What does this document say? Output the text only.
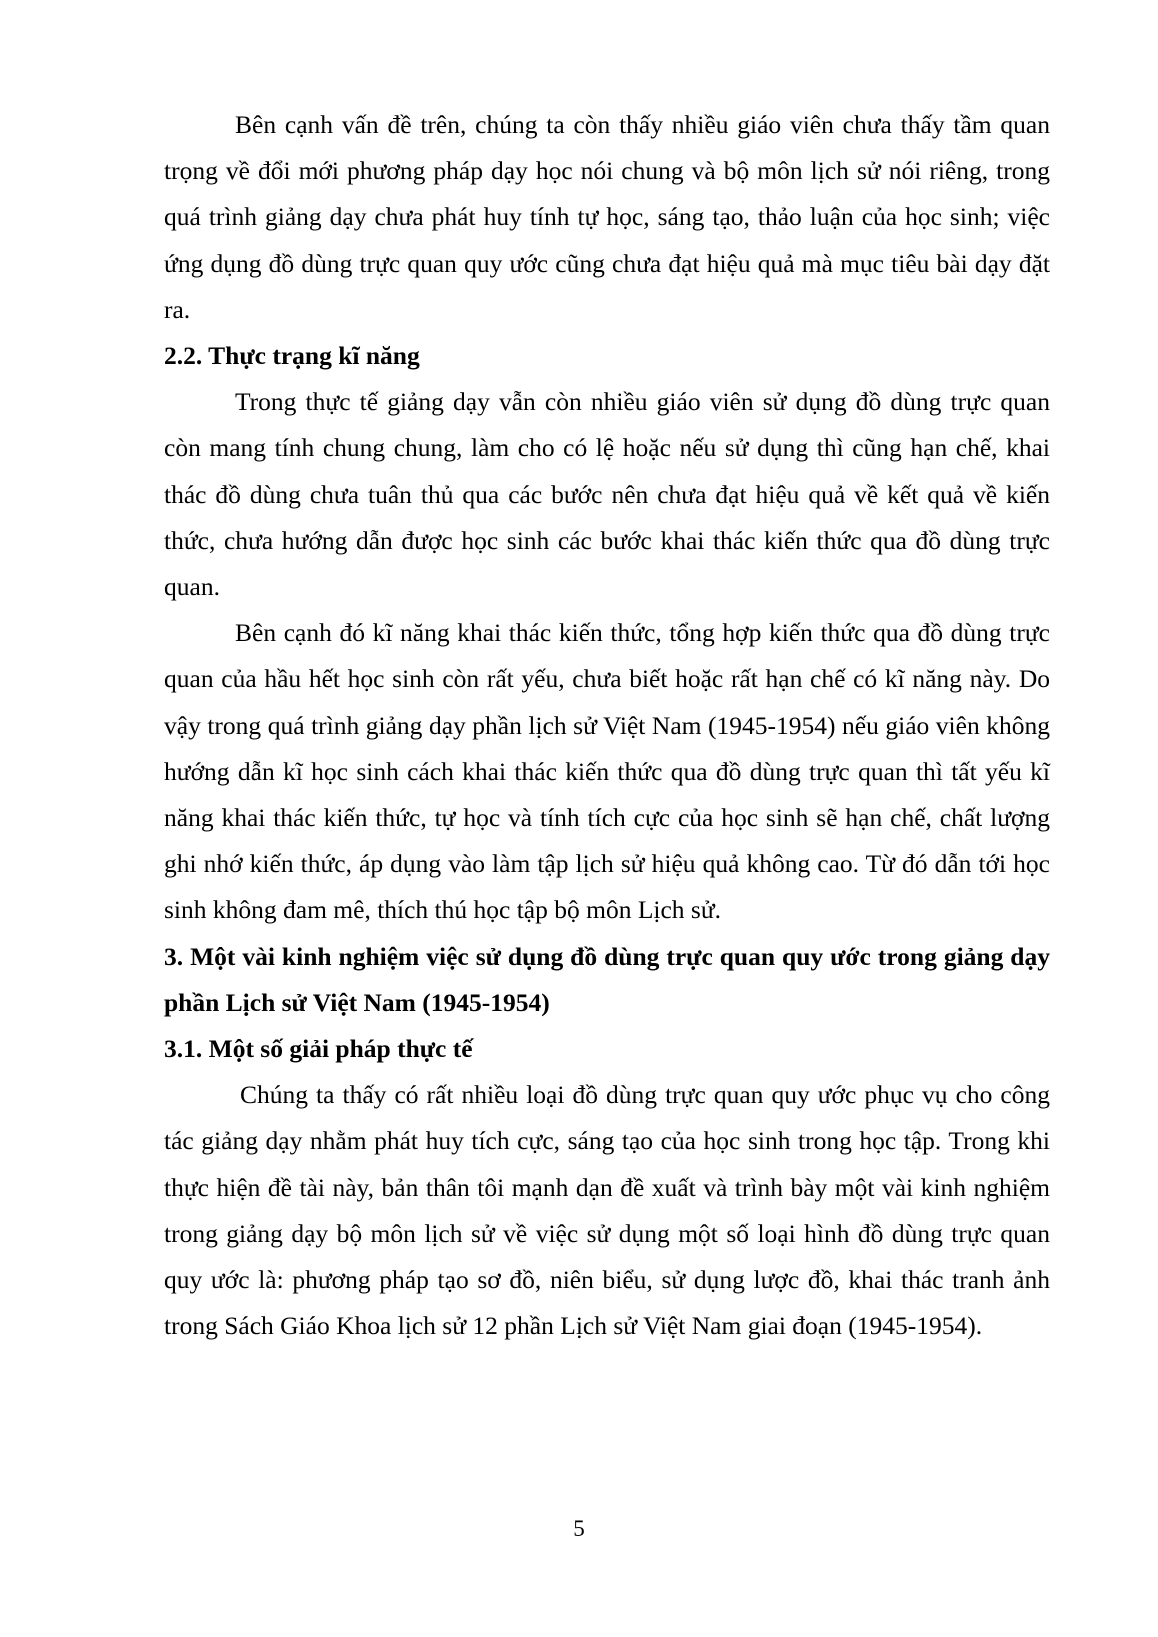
Bên cạnh vấn đề trên, chúng ta còn thấy nhiều giáo viên chưa thấy tầm quan trọng về đổi mới phương pháp dạy học nói chung và bộ môn lịch sử nói riêng, trong quá trình giảng dạy chưa phát huy tính tự học, sáng tạo, thảo luận của học sinh; việc ứng dụng đồ dùng trực quan quy ước cũng chưa đạt hiệu quả mà mục tiêu bài dạy đặt ra.

2.2. Thực trạng kĩ năng

Trong thực tế giảng dạy vẫn còn nhiều giáo viên sử dụng đồ dùng trực quan còn mang tính chung chung, làm cho có lệ hoặc nếu sử dụng thì cũng hạn chế, khai thác đồ dùng chưa tuân thủ qua các bước nên chưa đạt hiệu quả về kết quả về kiến thức, chưa hướng dẫn được học sinh các bước khai thác kiến thức qua đồ dùng trực quan.

Bên cạnh đó kĩ năng khai thác kiến thức, tổng hợp kiến thức qua đồ dùng trực quan của hầu hết học sinh còn rất yếu, chưa biết hoặc rất hạn chế có kĩ năng này. Do vậy trong quá trình giảng dạy phần lịch sử Việt Nam (1945-1954) nếu giáo viên không hướng dẫn kĩ học sinh cách khai thác kiến thức qua đồ dùng trực quan thì tất yếu kĩ năng khai thác kiến thức, tự học và tính tích cực của học sinh sẽ hạn chế, chất lượng ghi nhớ kiến thức, áp dụng vào làm tập lịch sử hiệu quả không cao. Từ đó dẫn tới học sinh không đam mê, thích thú học tập bộ môn Lịch sử.

3. Một vài kinh nghiệm việc sử dụng đồ dùng trực quan quy ước trong giảng dạy phần Lịch sử Việt Nam (1945-1954)
3.1. Một số giải pháp thực tế

Chúng ta thấy có rất nhiều loại đồ dùng trực quan quy ước phục vụ cho công tác giảng dạy nhằm phát huy tích cực, sáng tạo của học sinh trong học tập. Trong khi thực hiện đề tài này, bản thân tôi mạnh dạn đề xuất và trình bày một vài kinh nghiệm trong giảng dạy bộ môn lịch sử về việc sử dụng một số loại hình đồ dùng trực quan quy ước là: phương pháp tạo sơ đồ, niên biểu, sử dụng lược đồ, khai thác tranh ảnh trong Sách Giáo Khoa lịch sử 12 phần Lịch sử Việt Nam giai đoạn (1945-1954).

5
